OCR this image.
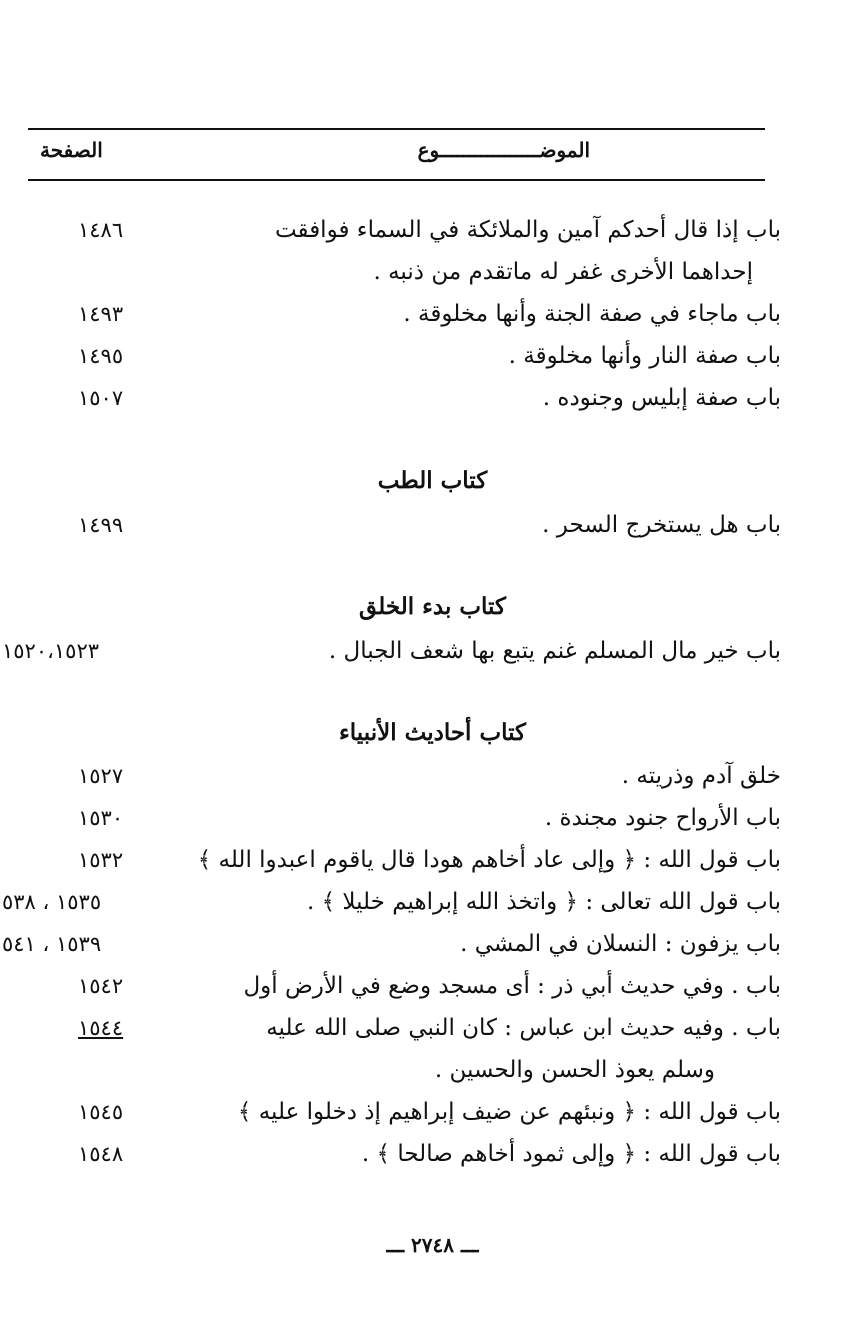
الموضـــــــــــــــــوع
الصفحة
باب إذا قال أحدكم آمين والملائكة في السماء فوافقت
١٤٨٦
إحداهما الأخرى غفر له ماتقدم من ذنبه .
باب ماجاء في صفة الجنة وأنها مخلوقة .
١٤٩٣
باب صفة النار وأنها مخلوقة .
١٤٩٥
باب صفة إبليس وجنوده .
١٥٠٧
كتاب الطب
باب هل يستخرج السحر .
١٤٩٩
كتاب بدء الخلق
باب خير مال المسلم غنم يتبع بها شعف الجبال .
١٥٢٠،١٥٢٣
كتاب أحاديث الأنبياء
خلق آدم وذريته .
١٥٢٧
باب الأرواح جنود مجندة .
١٥٣٠
باب قول الله : ﴿ وإلى عاد أخاهم هودا قال ياقوم اعبدوا الله ﴾
١٥٣٢
باب قول الله تعالى : ﴿ واتخذ الله إبراهيم خليلا ﴾ .
١٥٣٥ ، ٥٣٨
باب يزفون : النسلان في المشي .
١٥٣٩ ، ٥٤١
باب . وفي حديث أبي ذر : أى مسجد وضع في الأرض أول
١٥٤٢
باب . وفيه حديث ابن عباس : كان النبي صلى الله عليه
١٥٤٤
وسلم يعوذ الحسن والحسين .
باب قول الله : ﴿ ونبئهم عن ضيف إبراهيم إذ دخلوا عليه ﴾
١٥٤٥
باب قول الله : ﴿ وإلى ثمود أخاهم صالحا ﴾ .
١٥٤٨
ـــ ٢٧٤٨ ـــ
